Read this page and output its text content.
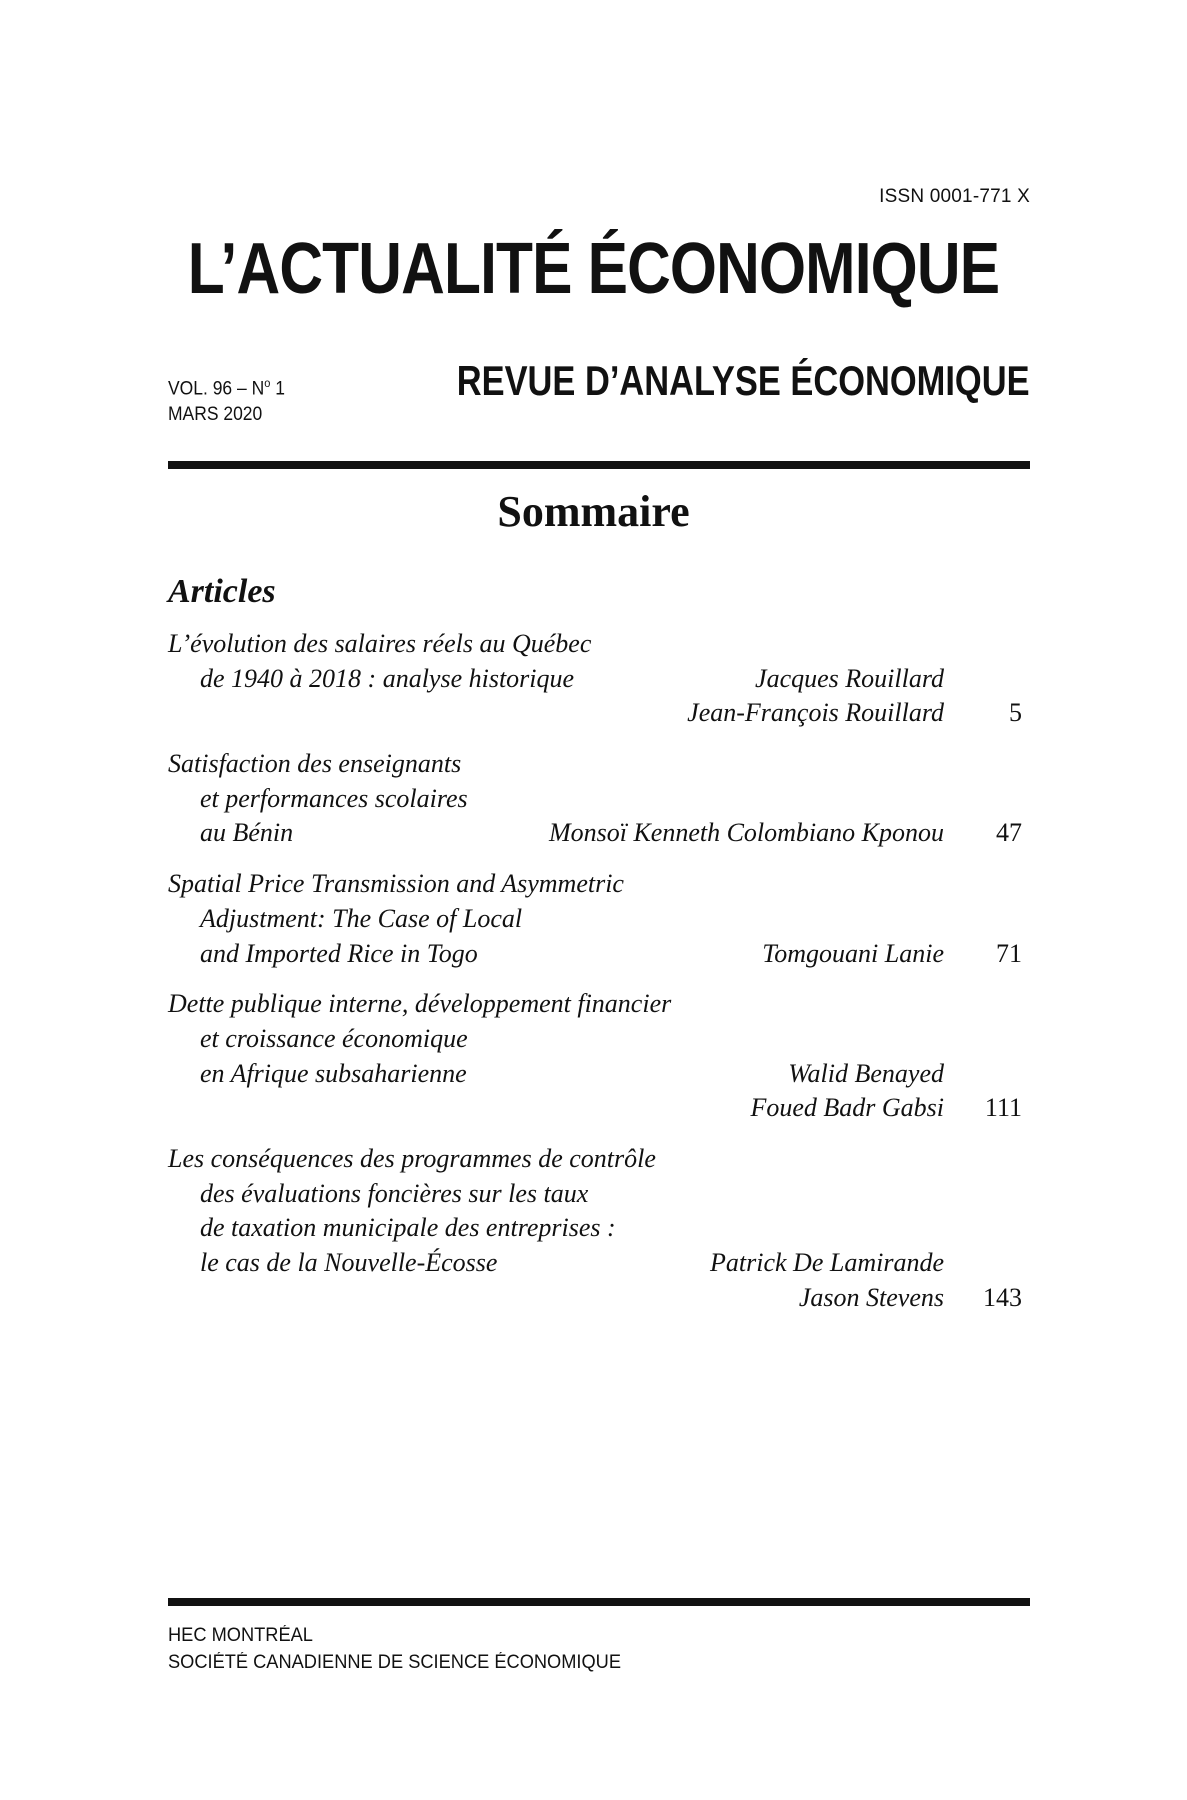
ISSN 0001-771 X
L’ACTUALITÉ ÉCONOMIQUE
VOL. $96 - N^o$ 1
MARS 2020
REVUE D’ANALYSE ÉCONOMIQUE
Sommaire
Articles
L’évolution des salaires réels au Québec
de 1940 à 2018 : analyse historique	Jacques Rouillard
Jean-François Rouillard	5
Satisfaction des enseignants
et performances scolaires
au Bénin	Monsoï Kenneth Colombiano Kponou 47
Spatial Price Transmission and Asymmetric
Adjustment: The Case of Local
and Imported Rice in Togo	Tomgouani Lanie 71
Dette publique interne, développement financier
et croissance économique
en Afrique subsaharienne	Walid Benayed
Foued Badr Gabsi 111
Les conséquences des programmes de contrôle
des évaluations foncières sur les taux
de taxation municipale des entreprises :
le cas de la Nouvelle-Écosse	Patrick De Lamirande
Jason Stevens 143
HEC MONTRÉAL
SOCIÉTÉ CANADIENNE DE SCIENCE ÉCONOMIQUE
